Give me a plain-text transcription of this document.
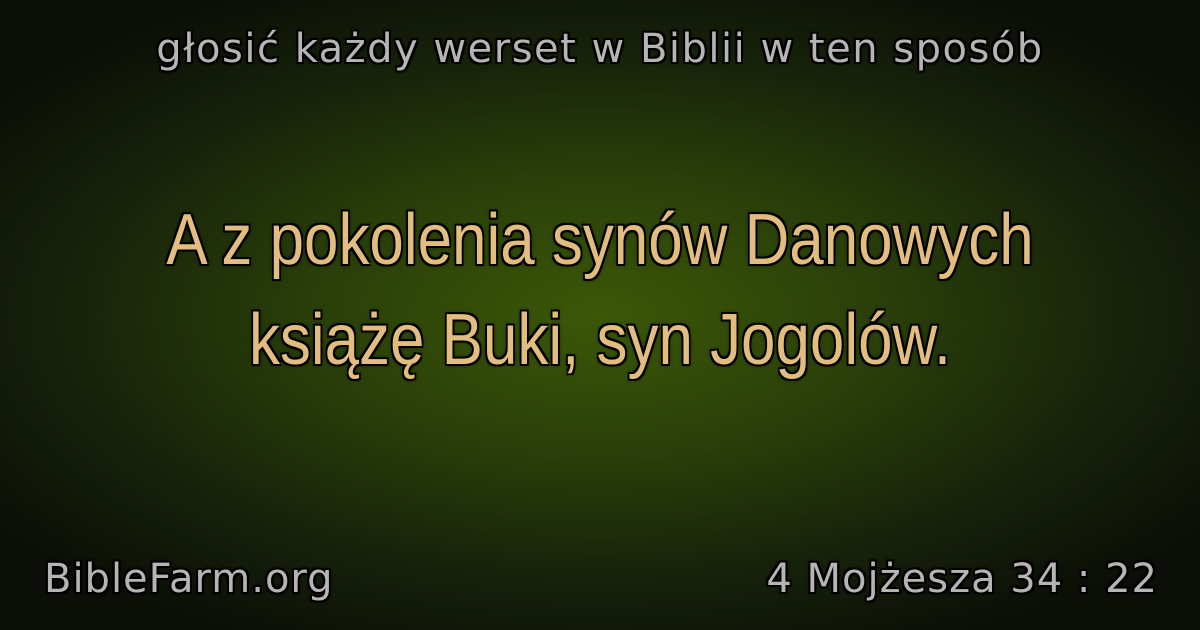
głosić każdy werset w Biblii w ten sposób
A z pokolenia synów Danowych
książę Buki, syn Jogolów.
BibleFarm.org	4 Mojżesza 34 : 22
